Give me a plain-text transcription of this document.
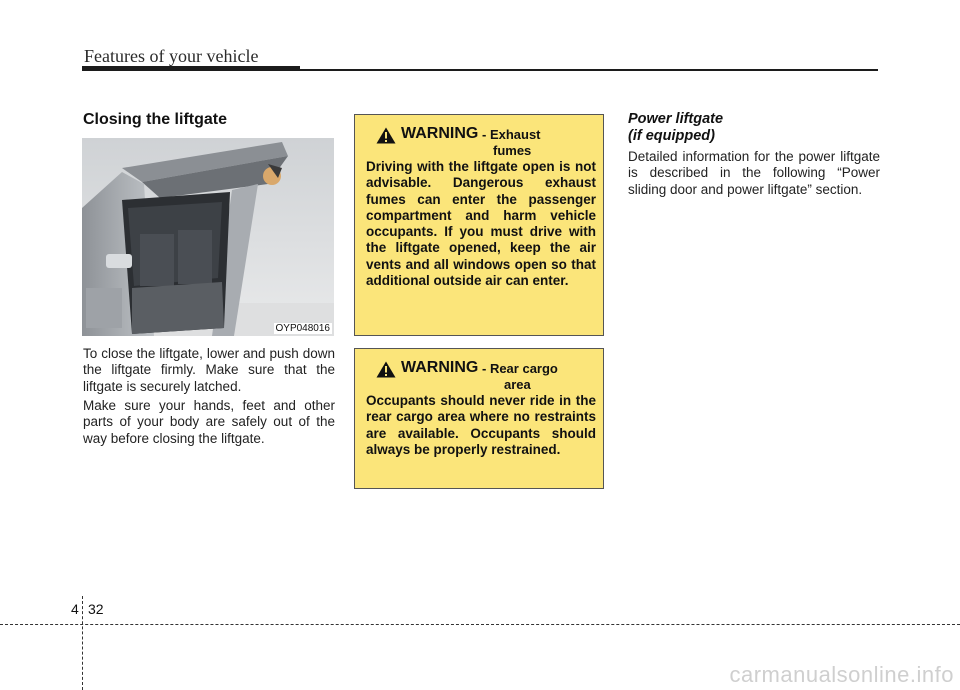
Features of your vehicle
Closing the liftgate
OYP048016
To close the liftgate, lower and push down the liftgate firmly. Make sure that the liftgate is securely latched.
Make sure your hands, feet and other parts of your body are safely out of the way before closing the liftgate.
WARNING - Exhaust
fumes
Driving with the liftgate open is not advisable. Dangerous exhaust fumes can enter the passenger compartment and harm vehicle occupants. If you must drive with the liftgate opened, keep the air vents and all windows open so that additional outside air can enter.
WARNING - Rear cargo
area
Occupants should never ride in the rear cargo area where no restraints are available. Occupants should always be properly restrained.
Power liftgate
(if equipped)
Detailed information for the power liftgate is described in the following “Power sliding door and power liftgate” section.
4 32
carmanualsonline.info
